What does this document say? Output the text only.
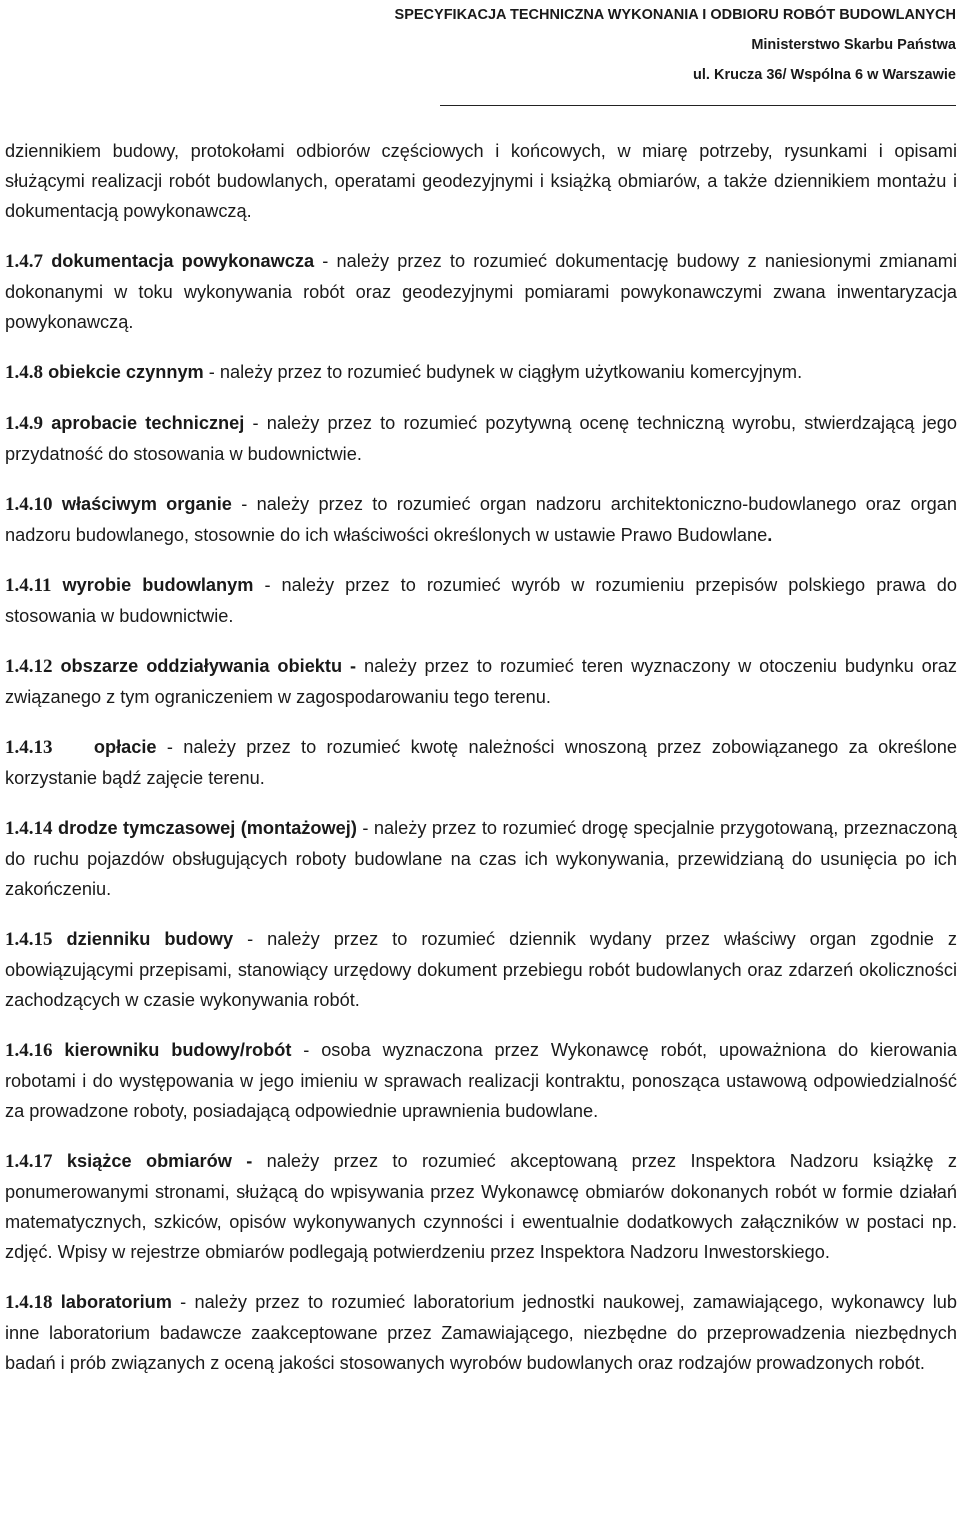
SPECYFIKACJA TECHNICZNA WYKONANIA I ODBIORU ROBÓT BUDOWLANYCH
Ministerstwo Skarbu Państwa
ul. Krucza 36/ Wspólna 6 w Warszawie

dziennikiem budowy, protokołami odbiorów częściowych i końcowych, w miarę potrzeby, rysunkami i opisami służącymi realizacji robót budowlanych, operatami geodezyjnymi i książką obmiarów, a także dziennikiem montażu i dokumentacją powykonawczą.

1.4.7 dokumentacja powykonawcza - należy przez to rozumieć dokumentację budowy z naniesionymi zmianami dokonanymi w toku wykonywania robót oraz geodezyjnymi pomiarami powykonawczymi zwana inwentaryzacja powykonawczą.

1.4.8 obiekcie czynnym - należy przez to rozumieć budynek w ciągłym użytkowaniu komercyjnym.

1.4.9 aprobacie technicznej - należy przez to rozumieć pozytywną ocenę techniczną wyrobu, stwierdzającą jego przydatność do stosowania w budownictwie.

1.4.10 właściwym organie - należy przez to rozumieć organ nadzoru architektoniczno-budowlanego oraz organ nadzoru budowlanego, stosownie do ich właściwości określonych w ustawie Prawo Budowlane.

1.4.11 wyrobie budowlanym - należy przez to rozumieć wyrób w rozumieniu przepisów polskiego prawa do stosowania w budownictwie.

1.4.12 obszarze oddziaływania obiektu - należy przez to rozumieć teren wyznaczony w otoczeniu budynku oraz związanego z tym ograniczeniem w zagospodarowaniu tego terenu.

1.4.13 opłacie - należy przez to rozumieć kwotę należności wnoszoną przez zobowiązanego za określone korzystanie bądź zajęcie terenu.

1.4.14 drodze tymczasowej (montażowej) - należy przez to rozumieć drogę specjalnie przygotowaną, przeznaczoną do ruchu pojazdów obsługujących roboty budowlane na czas ich wykonywania, przewidzianą do usunięcia po ich zakończeniu.

1.4.15 dzienniku budowy - należy przez to rozumieć dziennik wydany przez właściwy organ zgodnie z obowiązującymi przepisami, stanowiący urzędowy dokument przebiegu robót budowlanych oraz zdarzeń okoliczności zachodzących w czasie wykonywania robót.

1.4.16 kierowniku budowy/robót - osoba wyznaczona przez Wykonawcę robót, upoważniona do kierowania robotami i do występowania w jego imieniu w sprawach realizacji kontraktu, ponosząca ustawową odpowiedzialność za prowadzone roboty, posiadającą odpowiednie uprawnienia budowlane.

1.4.17 książce obmiarów - należy przez to rozumieć akceptowaną przez Inspektora Nadzoru książkę z ponumerowanymi stronami, służącą do wpisywania przez Wykonawcę obmiarów dokonanych robót w formie działań matematycznych, szkiców, opisów wykonywanych czynności i ewentualnie dodatkowych załączników w postaci np. zdjęć. Wpisy w rejestrze obmiarów podlegają potwierdzeniu przez Inspektora Nadzoru Inwestorskiego.

1.4.18 laboratorium - należy przez to rozumieć laboratorium jednostki naukowej, zamawiającego, wykonawcy lub inne laboratorium badawcze zaakceptowane przez Zamawiającego, niezbędne do przeprowadzenia niezbędnych badań i prób związanych z oceną jakości stosowanych wyrobów budowlanych oraz rodzajów prowadzonych robót.
